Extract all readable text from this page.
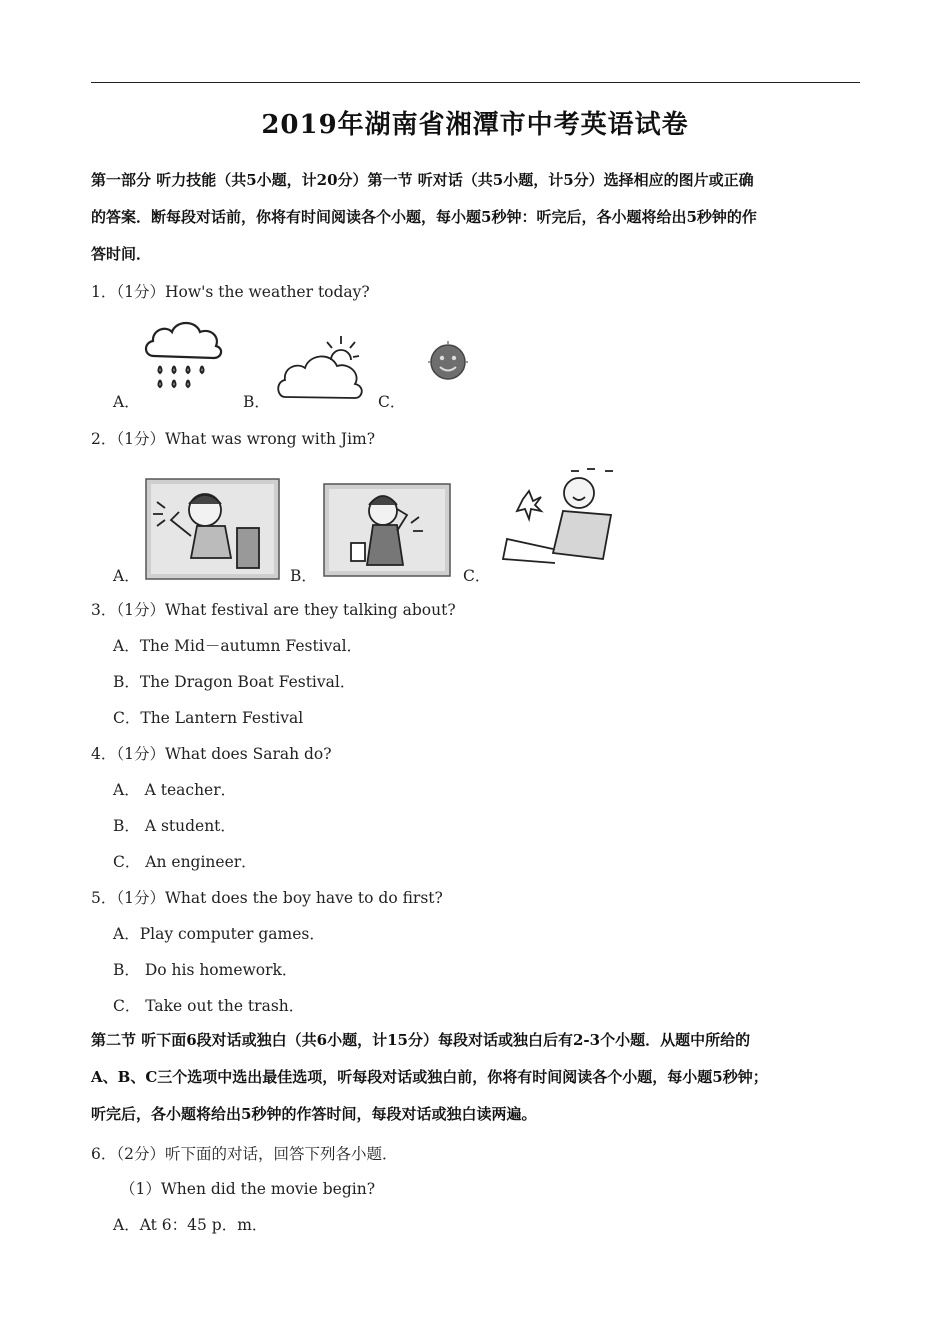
2019年湖南省湘潭市中考英语试卷
第一部分 听力技能（共5小题，计20分）第一节 听对话（共5小题，计5分）选择相应的图片或正确
的答案．断每段对话前，你将有时间阅读各个小题，每小题5秒钟：听完后，各小题将给出5秒钟的作
答时间．
1．（1分）How's the weather today?
A．	B．	C．
2．（1分）What was wrong with Jim?
A．	B．	C．
3．（1分）What festival are they talking about?
A．The Mid－autumn Festival．
B．The Dragon Boat Festival．
C．The Lantern Festival
4．（1分）What does Sarah do?
A． A teacher．
B． A student．
C． An engineer．
5．（1分）What does the boy have to do first?
A．Play computer games．
B． Do his homework．
C． Take out the trash．
第二节 听下面6段对话或独白（共6小题，计15分）每段对话或独白后有2-3个小题．从题中所给的
A、B、C三个选项中选出最佳选项，听每段对话或独白前，你将有时间阅读各个小题，每小题5秒钟；
听完后，各小题将给出5秒钟的作答时间，每段对话或独白读两遍。
6．（2分）听下面的对话，回答下列各小题．
（1）When did the movie begin?
A．At 6：45 p．m．
